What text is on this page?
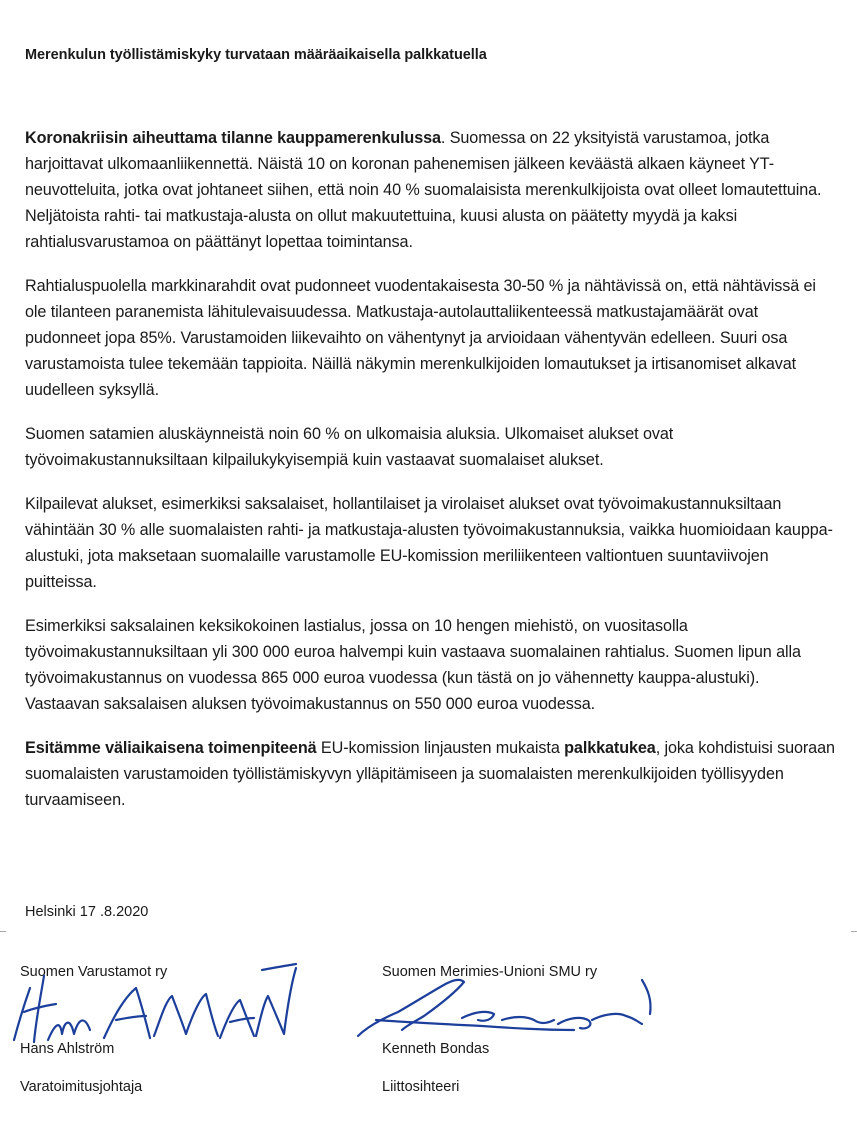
Merenkulun työllistämiskyky turvataan määräaikaisella palkkatuella

Koronakriisin aiheuttama tilanne kauppamerenkulussa. Suomessa on 22 yksityistä varustamoa, jotka harjoittavat ulkomaanliikennettä. Näistä 10 on koronan pahenemisen jälkeen keväästä alkaen käyneet YT-neuvotteluita, jotka ovat johtaneet siihen, että noin 40 % suomalaisista merenkulkijoista ovat olleet lomautettuina. Neljätoista rahti- tai matkustaja-alusta on ollut makuutettuina, kuusi alusta on päätetty myydä ja kaksi rahtialusvarustamoa on päättänyt lopettaa toimintansa.

Rahtialuspuolella markkinarahdit ovat pudonneet vuodentakaisesta 30-50 % ja nähtävissä on, että nähtävissä ei ole tilanteen paranemista lähitulevaisuudessa. Matkustaja-autolauttaliikenteessä matkustajamäärät ovat pudonneet jopa 85%. Varustamoiden liikevaihto on vähentynyt ja arvioidaan vähentyvän edelleen. Suuri osa varustamoista tulee tekemään tappioita. Näillä näkymin merenkulkijoiden lomautukset ja irtisanomiset alkavat uudelleen syksyllä.

Suomen satamien aluskäynneistä noin 60 % on ulkomaisia aluksia. Ulkomaiset alukset ovat työvoimakustannuksiltaan kilpailukykyisempiä kuin vastaavat suomalaiset alukset.

Kilpailevat alukset, esimerkiksi saksalaiset, hollantilaiset ja virolaiset alukset ovat työvoimakustannuksiltaan vähintään 30 % alle suomalaisten rahti- ja matkustaja-alusten työvoimakustannuksia, vaikka huomioidaan kauppa-alustuki, jota maksetaan suomalaille varustamolle EU-komission meriliikenteen valtiontuen suuntaviivojen puitteissa.

Esimerkiksi saksalainen keksikokoinen lastialus, jossa on 10 hengen miehistö, on vuositasolla työvoimakustannuksiltaan yli 300 000 euroa halvempi kuin vastaava suomalainen rahtialus. Suomen lipun alla työvoimakustannus on vuodessa 865 000 euroa vuodessa (kun tästä on jo vähennetty kauppa-alustuki). Vastaavan saksalaisen aluksen työvoimakustannus on 550 000 euroa vuodessa.

Esitämme väliaikaisena toimenpiteenä EU-komission linjausten mukaista palkkatukea, joka kohdistuisi suoraan suomalaisten varustamoiden työllistämiskyvyn ylläpitämiseen ja suomalaisten merenkulkijoiden työllisyyden turvaamiseen.

Helsinki 17 .8.2020
Suomen Varustamot ry
Hans Ahlström
Varatoimitusjohtaja
Suomen Merimies-Unioni SMU ry
Kenneth Bondas
Liittosihteeri
